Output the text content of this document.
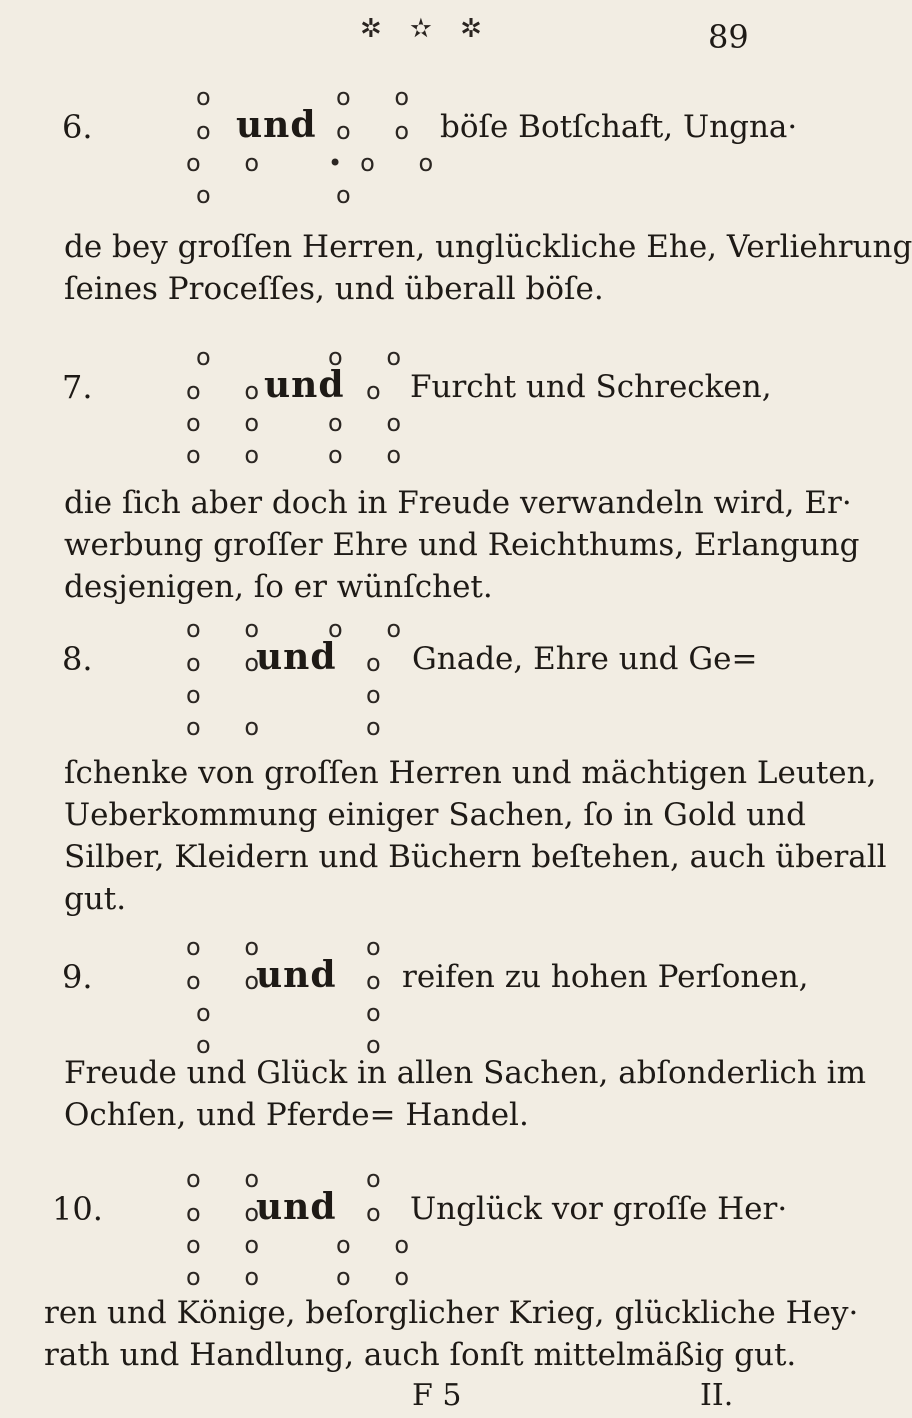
✲ ✫ ✲	89
o	o o
6.	o und o o böſe Botſchaft, Ungna·
o o •o o
o	o
de bey groſſen Herren, unglückliche Ehe, Verliehrung
ſeines Proceſſes, und überall böſe.
o	o o
7.	o o
und o Furcht und Schrecken,
o o o o
o o o o
die ſich aber doch in Freude verwandeln wird, Er·
werbung groſſer Ehre und Reichthums, Erlangung
desjenigen, ſo er wünſchet.
o o o o
8.	o o
und o Gnade, Ehre und Ge=
o	o
o o	o
ſchenke von groſſen Herren und mächtigen Leuten,
Ueberkommung einiger Sachen, ſo in Gold und
Silber, Kleidern und Büchern beſtehen, auch überall
gut.
o o	o
9.	o o
und o reifen zu hohen Perſonen,
o	o
o	o
Freude und Glück in allen Sachen, abſonderlich im
Ochſen, und Pferde= Handel.
o o	o
10.	o o
und o Unglück vor groſſe Her·
o o o o
o o o o
ren und Könige, beſorglicher Krieg, glückliche Hey·
rath und Handlung, auch ſonſt mittelmäßig gut.
F 5	II.
